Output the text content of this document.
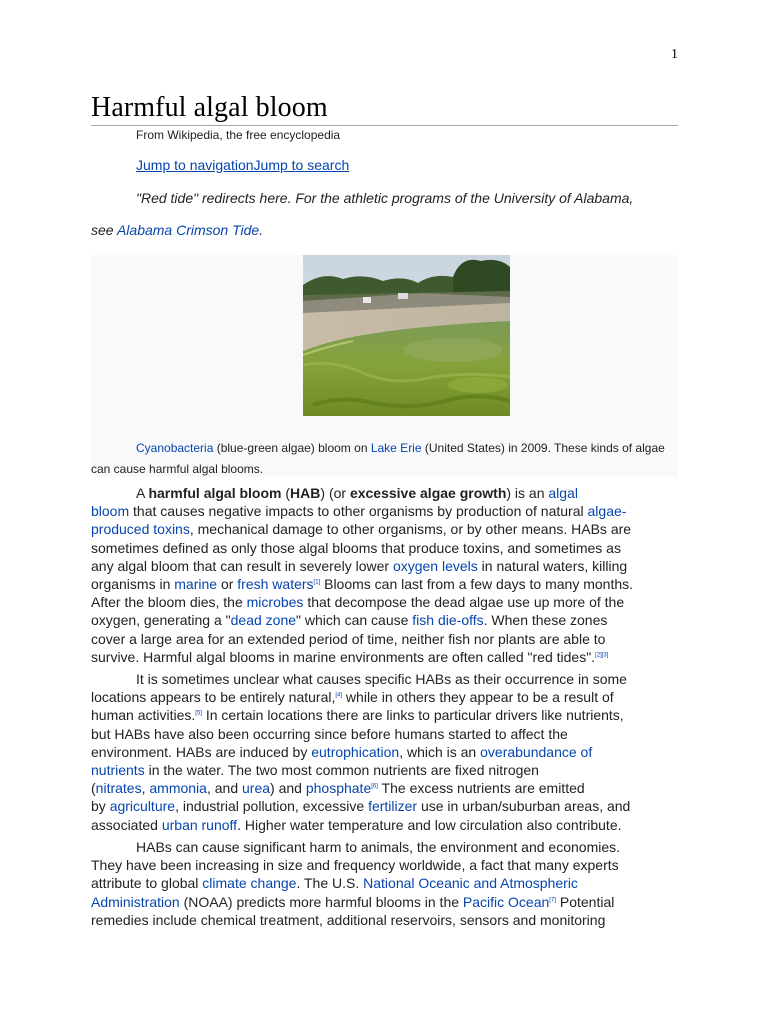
1
Harmful algal bloom
From Wikipedia, the free encyclopedia
Jump to navigationJump to search
"Red tide" redirects here. For the athletic programs of the University of Alabama,
see Alabama Crimson Tide.
Cyanobacteria (blue-green algae) bloom on Lake Erie (United States) in 2009. These kinds of algae
can cause harmful algal blooms.

A harmful algal bloom (HAB) (or excessive algae growth) is an algal
bloom that causes negative impacts to other organisms by production of natural algae-
produced toxins, mechanical damage to other organisms, or by other means. HABs are
sometimes defined as only those algal blooms that produce toxins, and sometimes as
any algal bloom that can result in severely lower oxygen levels in natural waters, killing
organisms in marine or fresh waters[1] Blooms can last from a few days to many months.
After the bloom dies, the microbes that decompose the dead algae use up more of the
oxygen, generating a "dead zone" which can cause fish die-offs. When these zones
cover a large area for an extended period of time, neither fish nor plants are able to
survive. Harmful algal blooms in marine environments are often called "red tides".[2][3]

It is sometimes unclear what causes specific HABs as their occurrence in some
locations appears to be entirely natural,[4] while in others they appear to be a result of
human activities.[5] In certain locations there are links to particular drivers like nutrients,
but HABs have also been occurring since before humans started to affect the
environment. HABs are induced by eutrophication, which is an overabundance of
nutrients in the water. The two most common nutrients are fixed nitrogen
(nitrates, ammonia, and urea) and phosphate[6] The excess nutrients are emitted
by agriculture, industrial pollution, excessive fertilizer use in urban/suburban areas, and
associated urban runoff. Higher water temperature and low circulation also contribute.

HABs can cause significant harm to animals, the environment and economies.
They have been increasing in size and frequency worldwide, a fact that many experts
attribute to global climate change. The U.S. National Oceanic and Atmospheric
Administration (NOAA) predicts more harmful blooms in the Pacific Ocean[7] Potential
remedies include chemical treatment, additional reservoirs, sensors and monitoring
